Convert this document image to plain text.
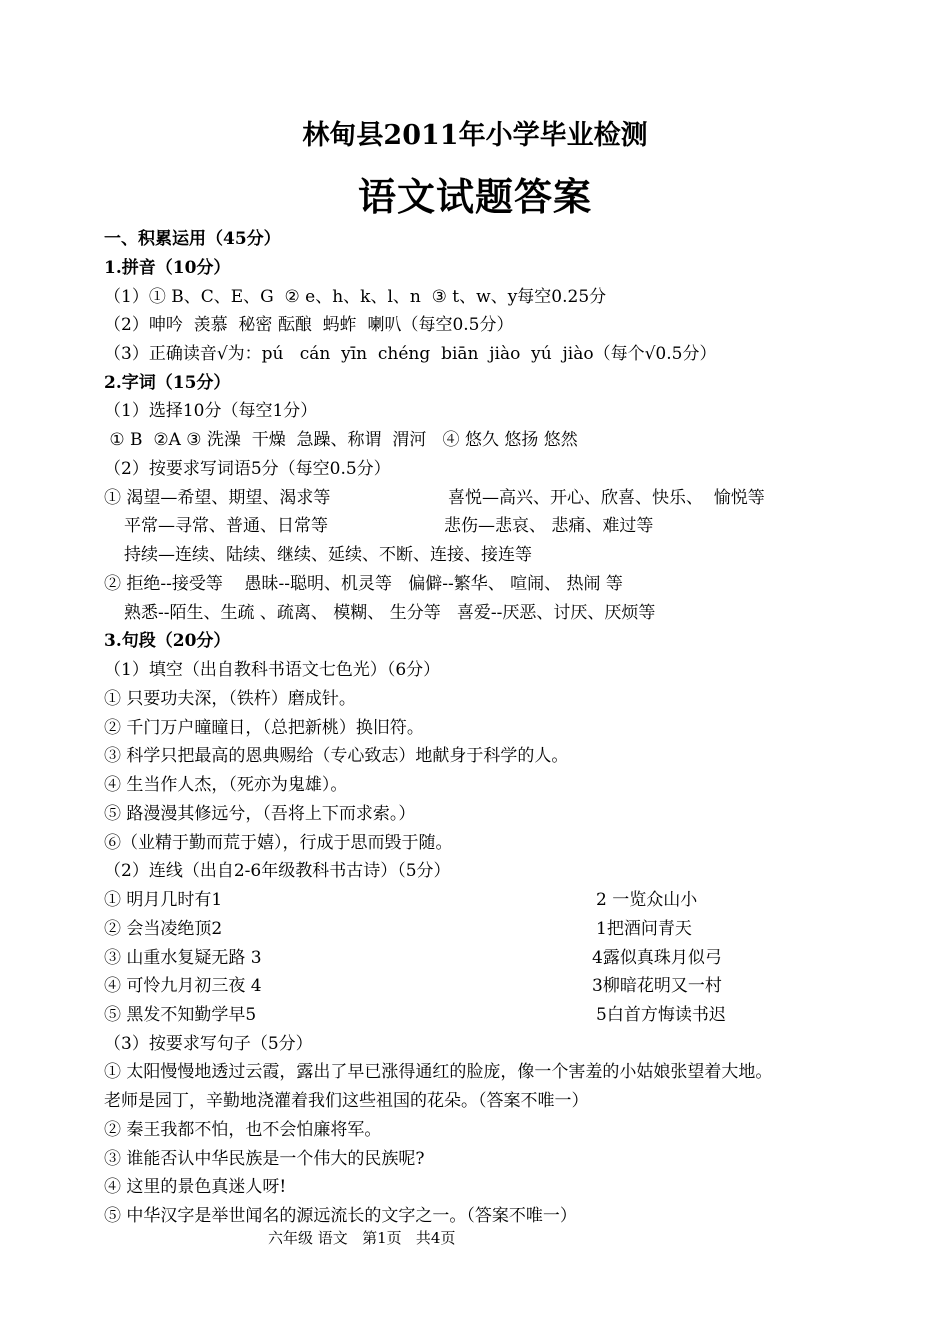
林甸县2011年小学毕业检测
语文试题答案
一、积累运用（45分）
1.拼音（10分）
（1）① B、C、E、G  ② e、h、k、l、n  ③ t、w、y每空0.25分
（2）呻吟  羡慕  秘密 酝酿  蚂蚱  喇叭（每空0.5分）
（3）正确读音√为：pú   cán  yīn  chéng  biān  jiào  yú  jiào（每个√0.5分）
2.字词（15分）
（1）选择10分（每空1分）
① B  ②A ③ 洗澡  干燥  急躁、称谓  渭河   ④ 悠久 悠扬 悠然
（2）按要求写词语5分（每空0.5分）
① 渴望—希望、期望、渴求等	喜悦—高兴、开心、欣喜、快乐、  愉悦等
平常—寻常、普通、日常等	悲伤—悲哀、 悲痛、难过等
持续—连续、陆续、继续、延续、不断、连接、接连等
② 拒绝--接受等    愚昧--聪明、机灵等   偏僻--繁华、 喧闹、 热闹 等
熟悉--陌生、生疏 、疏离、 模糊、 生分等   喜爱--厌恶、讨厌、厌烦等
3.句段（20分）
（1）填空（出自教科书语文七色光）（6分）
① 只要功夫深，（铁杵）磨成针。
② 千门万户曈曈日，（总把新桃）换旧符。
③ 科学只把最高的恩典赐给（专心致志）地献身于科学的人。
④ 生当作人杰，（死亦为鬼雄）。
⑤ 路漫漫其修远兮，（吾将上下而求索。）
⑥（业精于勤而荒于嬉），行成于思而毁于随。
（2）连线（出自2-6年级教科书古诗）（5分）
① 明月几时有1	2 一览众山小
② 会当凌绝顶2	1把酒问青天
③ 山重水复疑无路 3	4露似真珠月似弓
④ 可怜九月初三夜 4	3柳暗花明又一村
⑤ 黑发不知勤学早5	5白首方悔读书迟
（3）按要求写句子（5分）
① 太阳慢慢地透过云霞，露出了早已涨得通红的脸庞，像一个害羞的小姑娘张望着大地。
老师是园丁，辛勤地浇灌着我们这些祖国的花朵。（答案不唯一）
② 秦王我都不怕，也不会怕廉将军。
③ 谁能否认中华民族是一个伟大的民族呢?
④ 这里的景色真迷人呀!
⑤ 中华汉字是举世闻名的源远流长的文字之一。（答案不唯一）
六年级 语文   第1页   共4页
